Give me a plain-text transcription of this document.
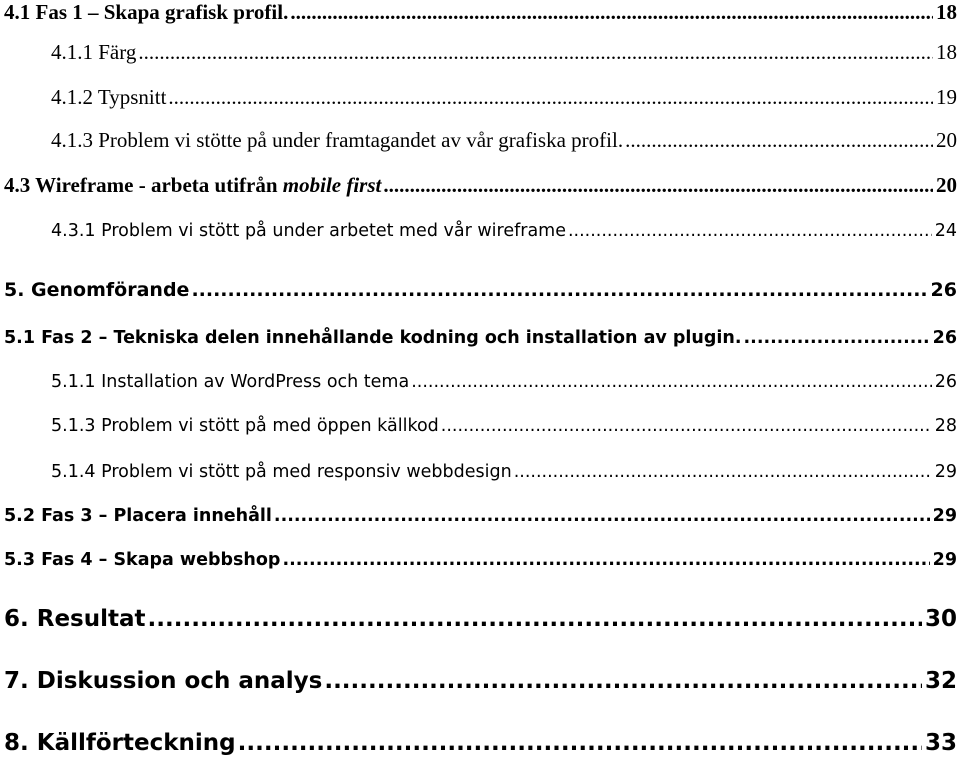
4.1 Fas 1 – Skapa grafisk profil. .....	18
4.1.1 Färg .....	18
4.1.2 Typsnitt .....	19
4.1.3 Problem vi stötte på under framtagandet av vår grafiska profil. .....	20
4.3 Wireframe - arbeta utifrån mobile first .....	20
4.3.1 Problem vi stött på under arbetet med vår wireframe .....	24
5. Genomförande .....	26
5.1 Fas 2 – Tekniska delen innehållande kodning och installation av plugin. .....	26
5.1.1 Installation av WordPress och tema .....	26
5.1.3 Problem vi stött på med öppen källkod .....	28
5.1.4 Problem vi stött på med responsiv webbdesign .....	29
5.2 Fas 3 – Placera innehåll .....	29
5.3 Fas 4 – Skapa webbshop .....	29
6. Resultat .....	30
7. Diskussion och analys .....	32
8. Källförteckning .....	33
